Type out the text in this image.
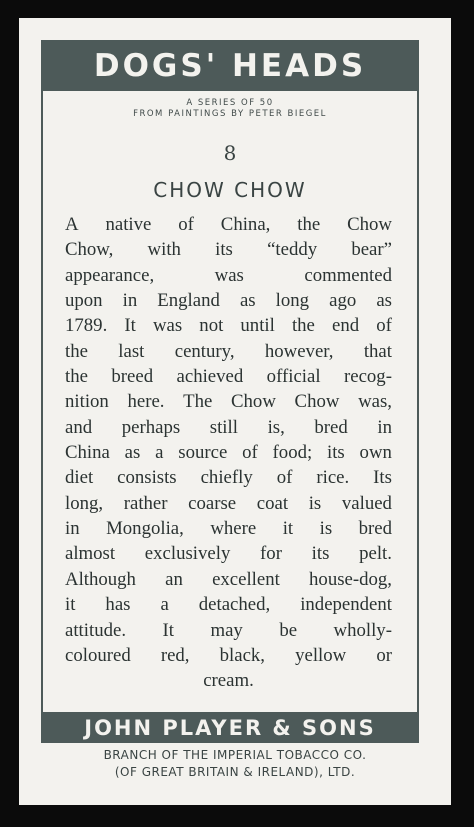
DOGS' HEADS
A SERIES OF 50
FROM PAINTINGS BY PETER BIEGEL
8
CHOW CHOW
A native of China, the Chow
Chow, with its “teddy bear”
appearance,	was	commented
upon in England as long ago as
1789. It was not until the end of
the last century, however, that
the breed achieved official recog-
nition here. The Chow Chow was,
and perhaps still is, bred in
China as a source of food; its own
diet consists chiefly of rice. Its
long, rather coarse coat is valued
in Mongolia, where it is bred
almost exclusively for its pelt.
Although an excellent house-dog,
it has a detached, independent
attitude. It may be wholly-
coloured red, black, yellow or
cream.
JOHN PLAYER & SONS
BRANCH OF THE IMPERIAL TOBACCO CO.
(OF GREAT BRITAIN & IRELAND), LTD.
